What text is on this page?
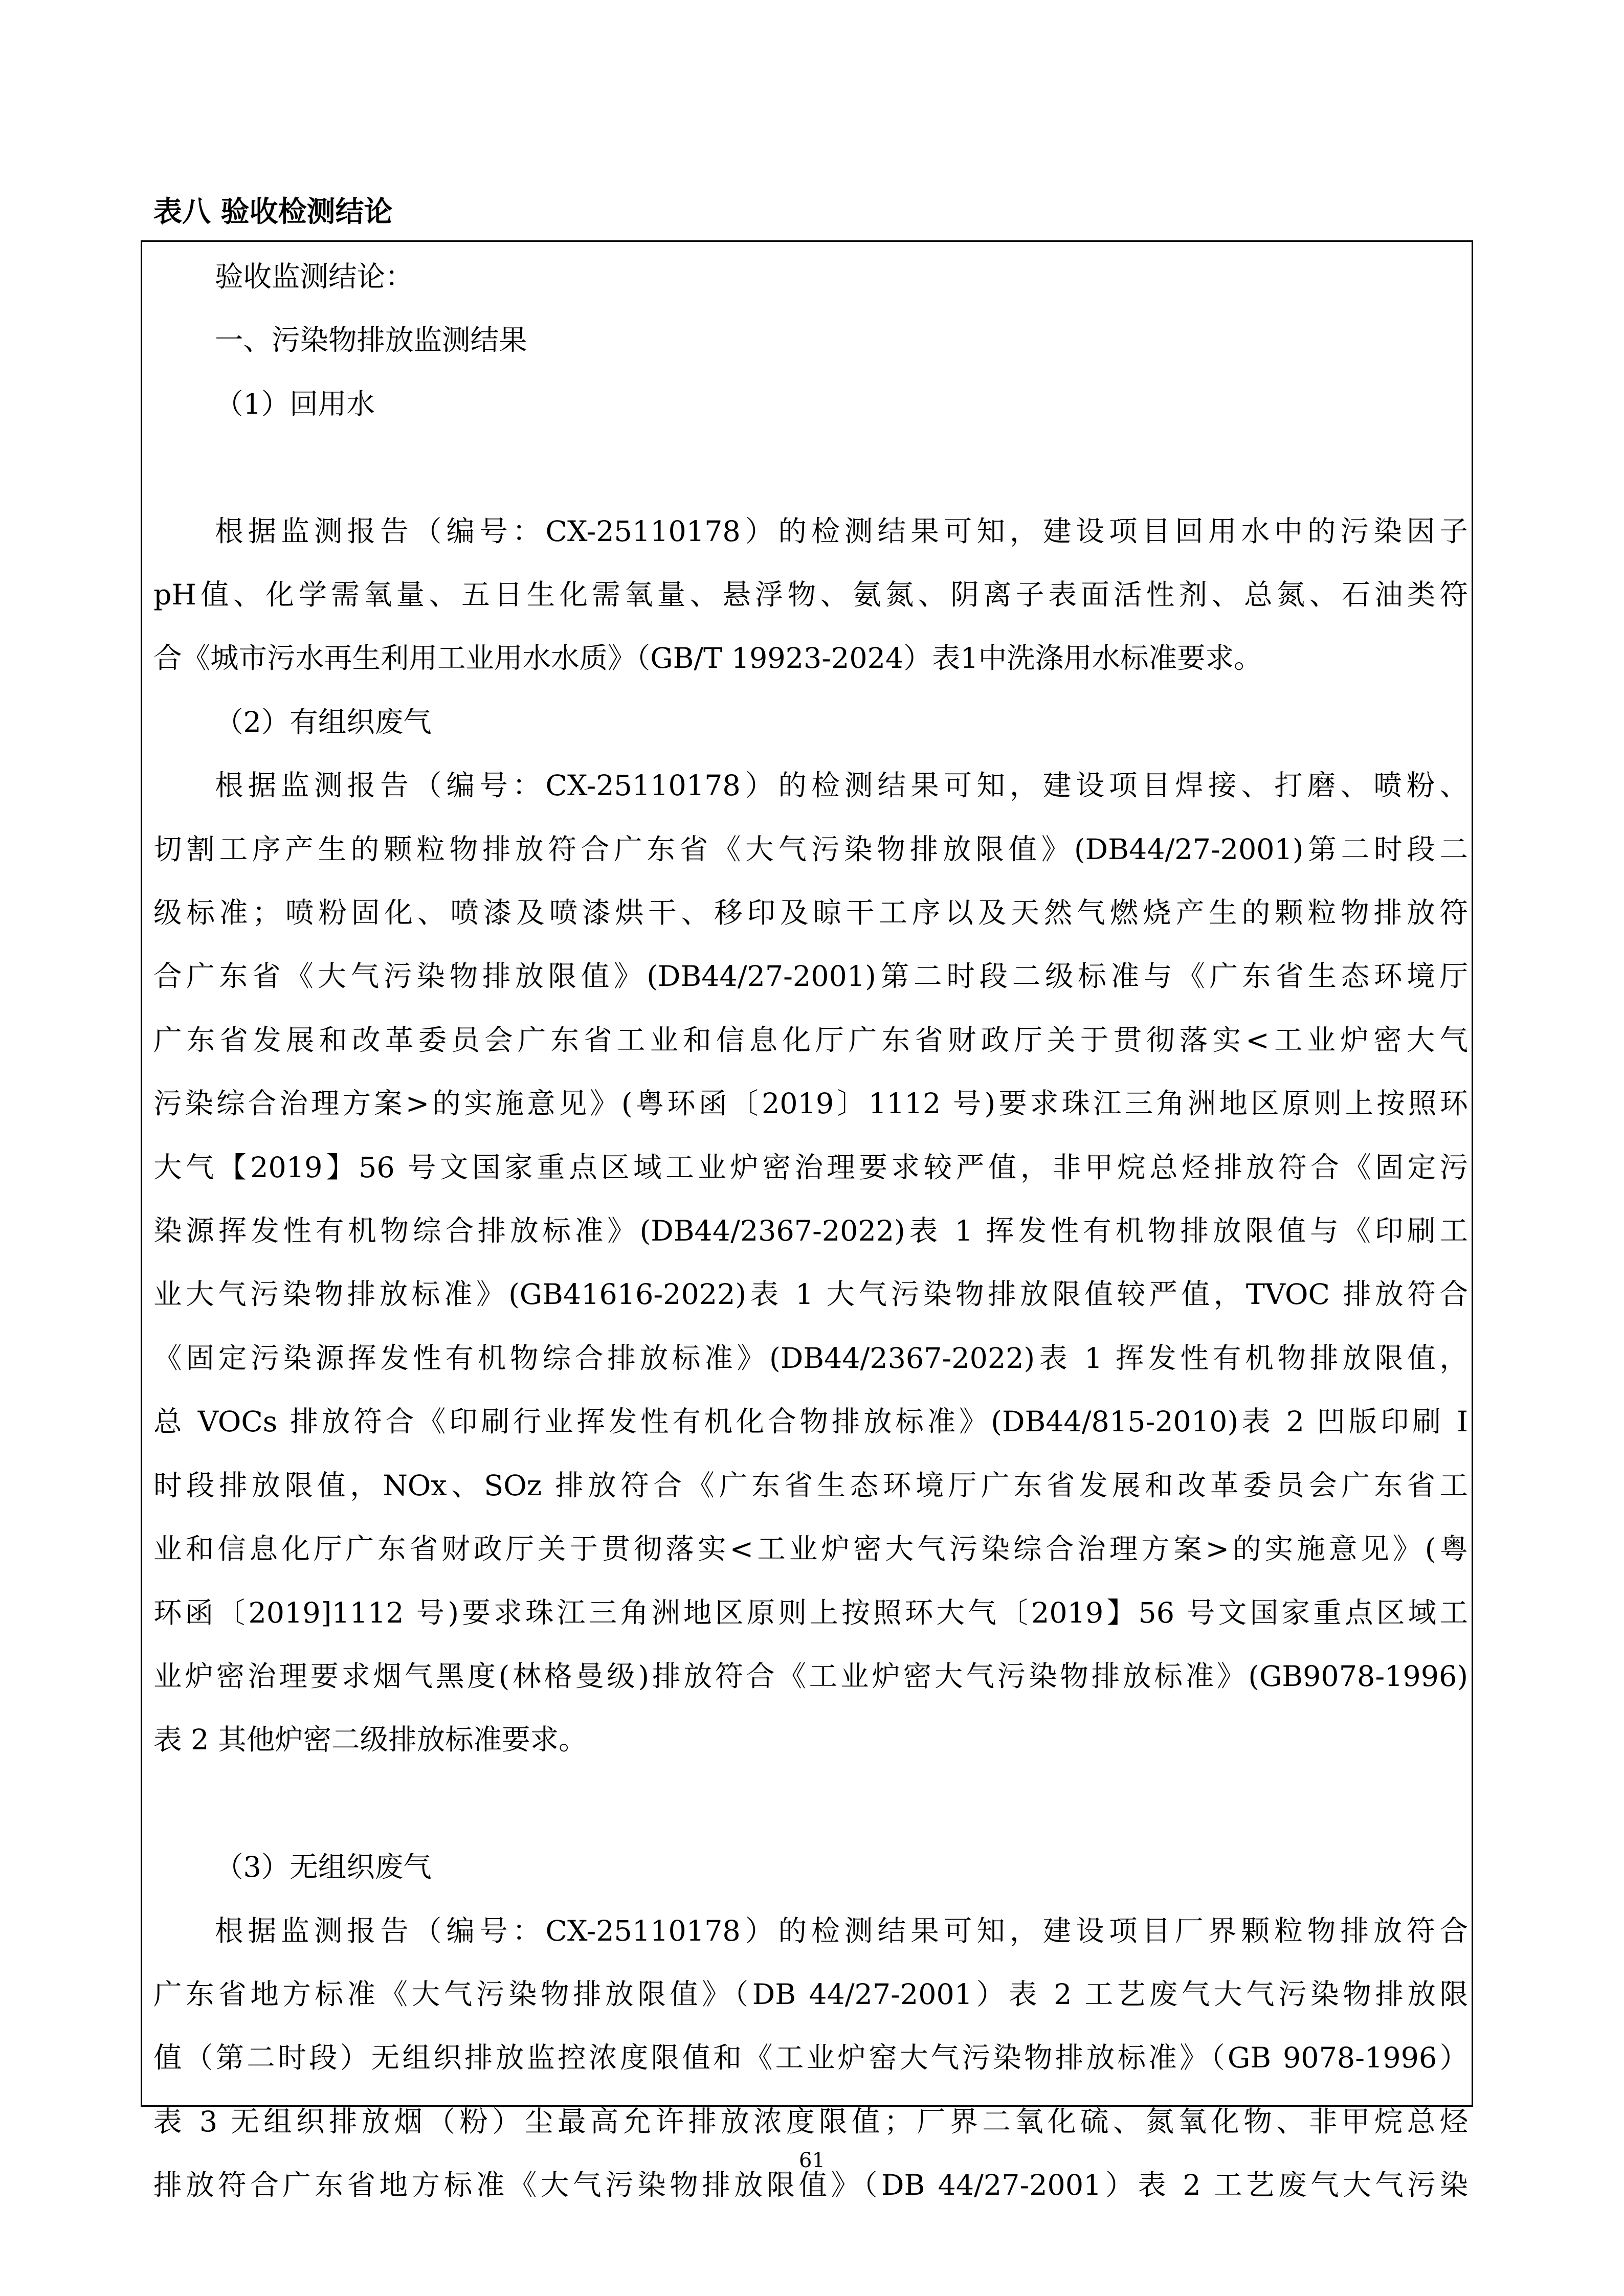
表八 验收检测结论

验收监测结论：

一、污染物排放监测结果

（1）回用水

根据监测报告（编号：CX-25110178）的检测结果可知，建设项目回用水中的污染因子

pH值、化学需氧量、五日生化需氧量、悬浮物、氨氮、阴离子表面活性剂、总氮、石油类符

合《城市污水再生利用工业用水水质》（GB/T 19923-2024）表1中洗涤用水标准要求。

（2）有组织废气

根据监测报告（编号：CX-25110178）的检测结果可知，建设项目焊接、打磨、喷粉、

切割工序产生的颗粒物排放符合广东省《大气污染物排放限值》(DB44/27-2001)第二时段二

级标准；喷粉固化、喷漆及喷漆烘干、移印及晾干工序以及天然气燃烧产生的颗粒物排放符

合广东省《大气污染物排放限值》(DB44/27-2001)第二时段二级标准与《广东省生态环境厅

广东省发展和改革委员会广东省工业和信息化厅广东省财政厅关于贯彻落实<工业炉密大气

污染综合治理方案>的实施意见》(粤环函〔2019〕1112 号)要求珠江三角洲地区原则上按照环

大气【2019】56 号文国家重点区域工业炉密治理要求较严值，非甲烷总烃排放符合《固定污

染源挥发性有机物综合排放标准》(DB44/2367-2022)表 1 挥发性有机物排放限值与《印刷工

业大气污染物排放标准》(GB41616-2022)表 1 大气污染物排放限值较严值，TVOC 排放符合

《固定污染源挥发性有机物综合排放标准》(DB44/2367-2022)表 1 挥发性有机物排放限值，

总 VOCs 排放符合《印刷行业挥发性有机化合物排放标准》(DB44/815-2010)表 2 凹版印刷 I

时段排放限值，NOx、SOz 排放符合《广东省生态环境厅广东省发展和改革委员会广东省工

业和信息化厅广东省财政厅关于贯彻落实<工业炉密大气污染综合治理方案>的实施意见》(粤

环函〔2019]1112 号)要求珠江三角洲地区原则上按照环大气〔2019】56 号文国家重点区域工

业炉密治理要求烟气黑度(林格曼级)排放符合《工业炉密大气污染物排放标准》(GB9078-1996)

表 2 其他炉密二级排放标准要求。

（3）无组织废气

根据监测报告（编号：CX-25110178）的检测结果可知，建设项目厂界颗粒物排放符合

广东省地方标准《大气污染物排放限值》（DB 44/27-2001）表 2 工艺废气大气污染物排放限

值（第二时段）无组织排放监控浓度限值和《工业炉窑大气污染物排放标准》（GB 9078-1996）

表 3 无组织排放烟（粉）尘最高允许排放浓度限值；厂界二氧化硫、氮氧化物、非甲烷总烃

排放符合广东省地方标准《大气污染物排放限值》（DB 44/27-2001）表 2 工艺废气大气污染

61
